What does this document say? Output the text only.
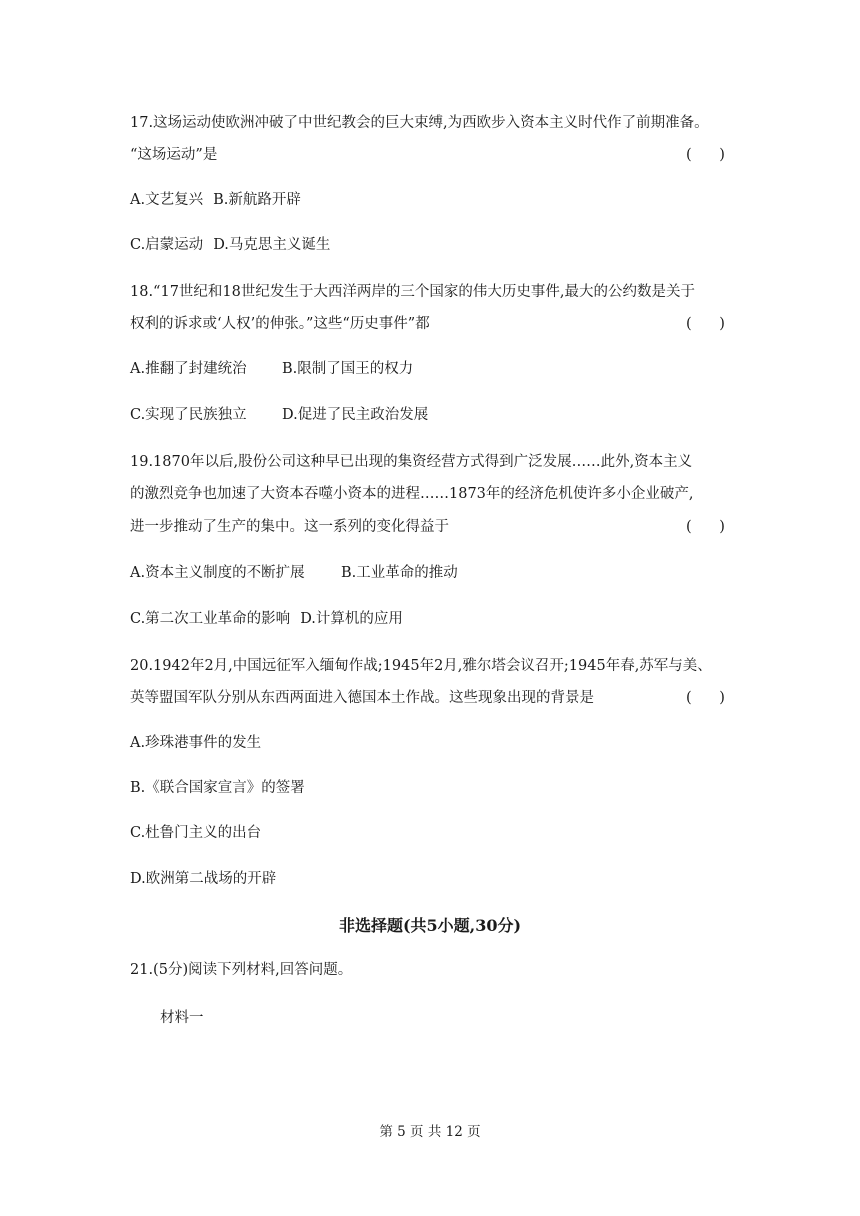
17.这场运动使欧洲冲破了中世纪教会的巨大束缚,为西欧步入资本主义时代作了前期准备。
“这场运动”是	(      )
A.文艺复兴 B.新航路开辟
C.启蒙运动 D.马克思主义诞生
18.“17世纪和18世纪发生于大西洋两岸的三个国家的伟大历史事件,最大的公约数是关于
权利的诉求或‘人权’的伸张。”这些“历史事件”都	(      )
A.推翻了封建统治 B.限制了国王的权力
C.实现了民族独立 D.促进了民主政治发展
19.1870年以后,股份公司这种早已出现的集资经营方式得到广泛发展……此外,资本主义
的激烈竞争也加速了大资本吞噬小资本的进程……1873年的经济危机使许多小企业破产,
进一步推动了生产的集中。这一系列的变化得益于	(      )
A.资本主义制度的不断扩展	B.工业革命的推动
C.第二次工业革命的影响 D.计算机的应用
20.1942年2月,中国远征军入缅甸作战;1945年2月,雅尔塔会议召开;1945年春,苏军与美、
英等盟国军队分别从东西两面进入德国本土作战。这些现象出现的背景是	(      )
A.珍珠港事件的发生
B.《联合国家宣言》的签署
C.杜鲁门主义的出台
D.欧洲第二战场的开辟
非选择题(共5小题,30分)
21.(5分)阅读下列材料,回答问题。
材料一
第 5 页 共 12 页
